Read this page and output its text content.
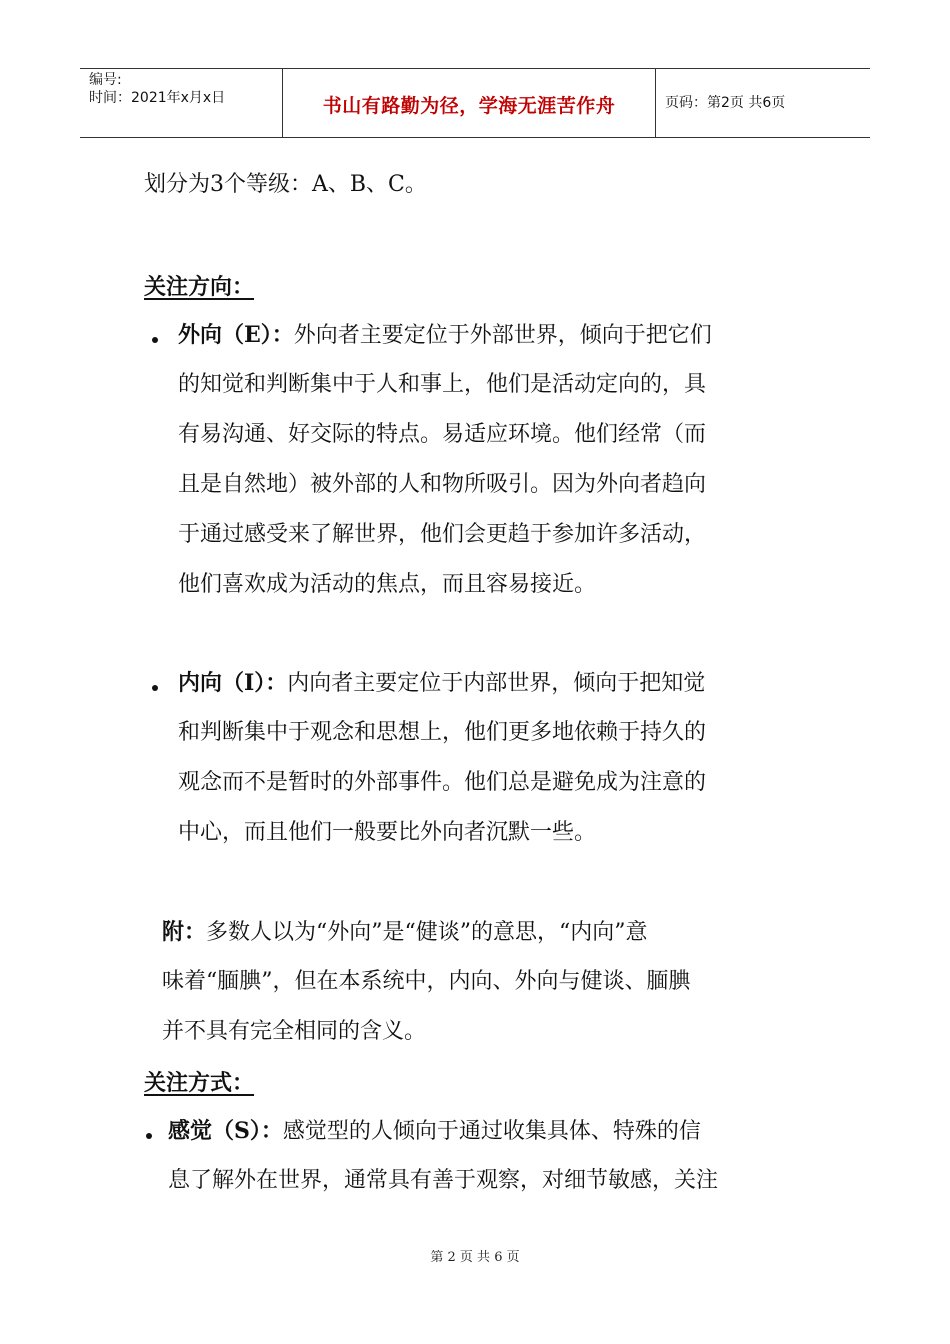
编号:
时间：2021年x月x日	书山有路勤为径，学海无涯苦作舟	页码：第2页 共6页
划分为3个等级：A、B、C。
关注方向：
外向（E）：外向者主要定位于外部世界，倾向于把它们
的知觉和判断集中于人和事上，他们是活动定向的，具
有易沟通、好交际的特点。易适应环境。他们经常（而
且是自然地）被外部的人和物所吸引。因为外向者趋向
于通过感受来了解世界，他们会更趋于参加许多活动，
他们喜欢成为活动的焦点，而且容易接近。
内向（I）：内向者主要定位于内部世界，倾向于把知觉
和判断集中于观念和思想上，他们更多地依赖于持久的
观念而不是暂时的外部事件。他们总是避免成为注意的
中心，而且他们一般要比外向者沉默一些。
附：多数人以为“外向”是“健谈”的意思，“内向”意
味着“腼腆”，但在本系统中，内向、外向与健谈、腼腆
并不具有完全相同的含义。
关注方式：
感觉（S）：感觉型的人倾向于通过收集具体、特殊的信
息了解外在世界，通常具有善于观察，对细节敏感，关注
第 2 页 共 6 页
